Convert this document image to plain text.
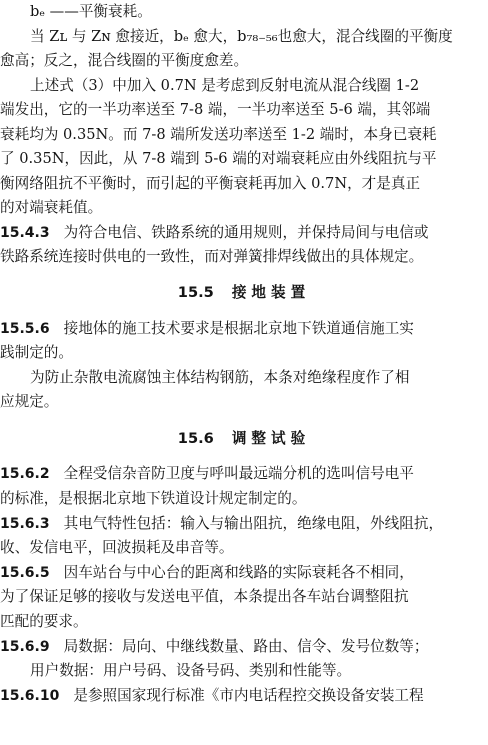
bₑ ——平衡衰耗。
当 Zʟ 与 Zɴ 愈接近，bₑ 愈大，b₇₈₋₅₆也愈大，混合线圈的平衡度
愈高；反之，混合线圈的平衡度愈差。
上述式（3）中加入 0.7N 是考虑到反射电流从混合线圈 1-2
端发出，它的一半功率送至 7-8 端，一半功率送至 5-6 端，其邻端
衰耗均为 0.35N。而 7-8 端所发送功率送至 1-2 端时，本身已衰耗
了 0.35N，因此，从 7-8 端到 5-6 端的对端衰耗应由外线阻抗与平
衡网络阻抗不平衡时，而引起的平衡衰耗再加入 0.7N，才是真正
的对端衰耗值。
15.4.3 为符合电信、铁路系统的通用规则，并保持局间与电信或
铁路系统连接时供电的一致性，而对弹簧排焊线做出的具体规定。
15.5 接地装置
15.5.6 接地体的施工技术要求是根据北京地下铁道通信施工实
践制定的。
为防止杂散电流腐蚀主体结构钢筋，本条对绝缘程度作了相
应规定。
15.6 调整试验
15.6.2 全程受信杂音防卫度与呼叫最远端分机的选叫信号电平
的标准，是根据北京地下铁道设计规定制定的。
15.6.3 其电气特性包括：输入与输出阻抗，绝缘电阻，外线阻抗，
收、发信电平，回波损耗及串音等。
15.6.5 因车站台与中心台的距离和线路的实际衰耗各不相同，
为了保证足够的接收与发送电平值，本条提出各车站台调整阻抗
匹配的要求。
15.6.9 局数据：局向、中继线数量、路由、信令、发号位数等；
用户数据：用户号码、设备号码、类别和性能等。
15.6.10 是参照国家现行标准《市内电话程控交换设备安装工程
